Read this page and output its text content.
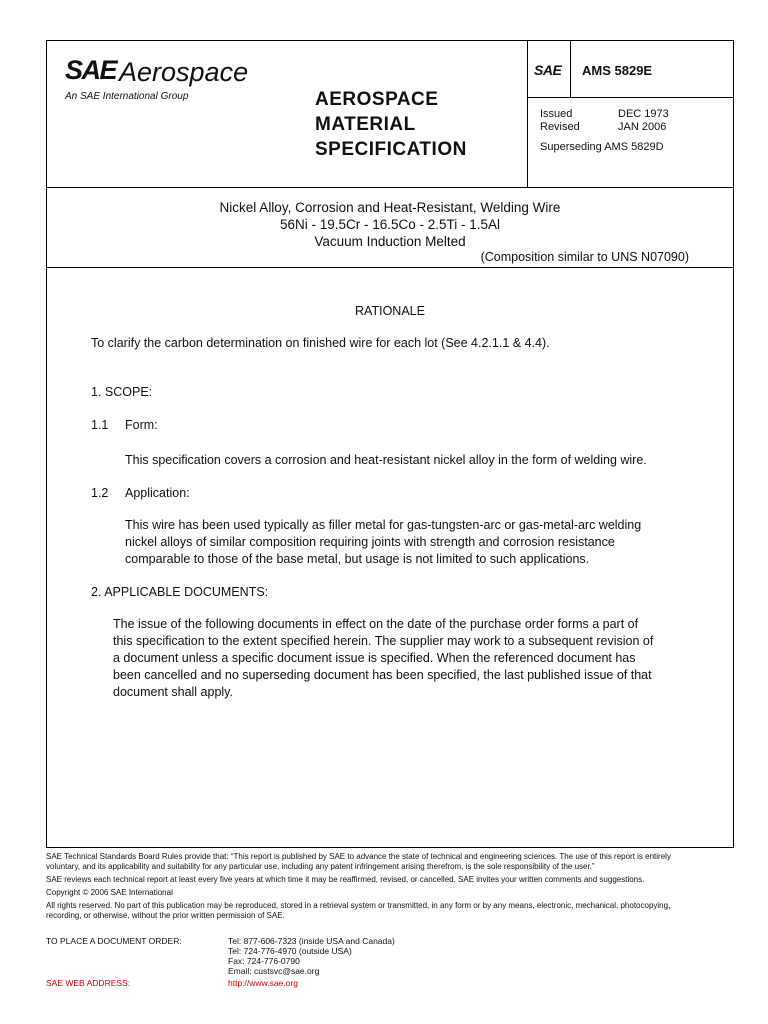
SAE Aerospace
An SAE International Group	AEROSPACE
MATERIAL
SPECIFICATION
SAE AMS 5829E
Issued	DEC 1973
Revised	JAN 2006
Superseding AMS 5829D
Nickel Alloy, Corrosion and Heat-Resistant, Welding Wire
56Ni - 19.5Cr - 16.5Co - 2.5Ti - 1.5Al
Vacuum Induction Melted
(Composition similar to UNS N07090)
RATIONALE
To clarify the carbon determination on finished wire for each lot (See 4.2.1.1 & 4.4).
1. SCOPE:
1.1 Form:
This specification covers a corrosion and heat-resistant nickel alloy in the form of welding wire.
1.2 Application:
This wire has been used typically as filler metal for gas-tungsten-arc or gas-metal-arc welding
nickel alloys of similar composition requiring joints with strength and corrosion resistance
comparable to those of the base metal, but usage is not limited to such applications.
2. APPLICABLE DOCUMENTS:
The issue of the following documents in effect on the date of the purchase order forms a part of
this specification to the extent specified herein. The supplier may work to a subsequent revision of
a document unless a specific document issue is specified. When the referenced document has
been cancelled and no superseding document has been specified, the last published issue of that
document shall apply.

SAE Technical Standards Board Rules provide that: “This report is published by SAE to advance the state of technical and engineering sciences. The use of this report is entirely
voluntary, and its applicability and suitability for any particular use, including any patent infringement arising therefrom, is the sole responsibility of the user.”

SAE reviews each technical report at least every five years at which time it may be reaffirmed, revised, or cancelled. SAE invites your written comments and suggestions.

Copyright © 2006 SAE International

All rights reserved. No part of this publication may be reproduced, stored in a retrieval system or transmitted, in any form or by any means, electronic, mechanical, photocopying,
recording, or otherwise, without the prior written permission of SAE.

TO PLACE A DOCUMENT ORDER:	Tel: 877-606-7323 (inside USA and Canada)
Tel: 724-776-4970 (outside USA)
Fax: 724-776-0790
Email: custsvc@sae.org
SAE WEB ADDRESS:	http://www.sae.org
